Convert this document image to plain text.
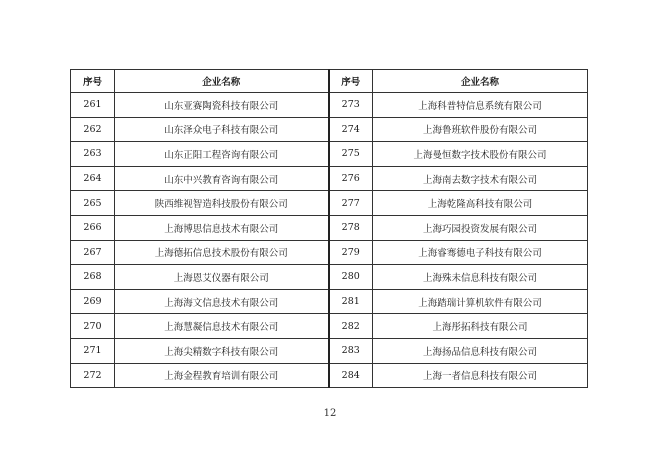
序号	企业名称	序号	企业名称
261	山东亚赛陶瓷科技有限公司	273	上海科普特信息系统有限公司
262	山东泽众电子科技有限公司	274	上海鲁班软件股份有限公司
263	山东正阳工程咨询有限公司	275	上海曼恒数字技术股份有限公司
264	山东中兴教育咨询有限公司	276	上海南去数字技术有限公司
265	陕西维视智造科技股份有限公司	277	上海乾隆高科技有限公司
266	上海博思信息技术有限公司	278	上海巧园投资发展有限公司
267	上海德拓信息技术股份有限公司	279	上海睿骞德电子科技有限公司
268	上海恩艾仪器有限公司	280	上海殊未信息科技有限公司
269	上海海文信息技术有限公司	281	上海踏瑞计算机软件有限公司
270	上海慧凝信息技术有限公司	282	上海彤拓科技有限公司
271	上海尖精数字科技有限公司	283	上海扬品信息科技有限公司
272	上海金程教育培训有限公司	284	上海一者信息科技有限公司
12
